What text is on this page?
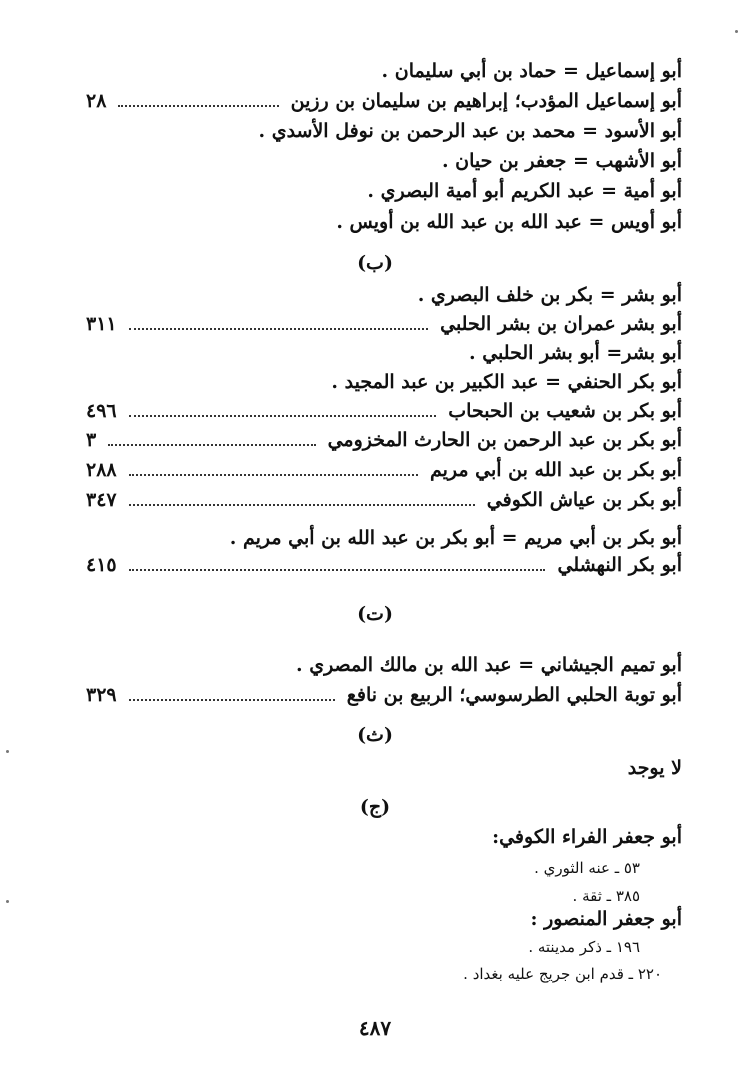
أبو إسماعيل = حماد بن أبي سليمان .
أبو إسماعيل المؤدب؛ إبراهيم بن سليمان بن رزين
٢٨
أبو الأسود = محمد بن عبد الرحمن بن نوفل الأسدي .
أبو الأشهب = جعفر بن حيان .
أبو أمية = عبد الكريم أبو أمية البصري .
أبو أويس = عبد الله بن عبد الله بن أويس .
(ب)
أبو بشر = بكر بن خلف البصري .
أبو بشر عمران بن بشر الحلبي
٣١١
أبو بشر= أبو بشر الحلبي .
أبو بكر الحنفي = عبد الكبير بن عبد المجيد .
أبو بكر بن شعيب بن الحبحاب
٤٩٦
أبو بكر بن عبد الرحمن بن الحارث المخزومي
٣
أبو بكر بن عبد الله بن أبي مريم
٢٨٨
أبو بكر بن عياش الكوفي
٣٤٧
أبو بكر بن أبي مريم = أبو بكر بن عبد الله بن أبي مريم .
أبو بكر النهشلي
٤١٥
(ت)
أبو تميم الجيشاني = عبد الله بن مالك المصري .
أبو توبة الحلبي الطرسوسي؛ الربيع بن نافع
٣٢٩
(ث)
لا يوجد
(ج)
أبو جعفر الفراء الكوفي:
٥٣ ـ عنه الثوري .
٣٨٥ ـ ثقة .
أبو جعفر المنصور :
١٩٦ ـ ذكر مدينته .
٢٢٠ ـ قدم ابن جريج عليه بغداد .
٤٨٧
